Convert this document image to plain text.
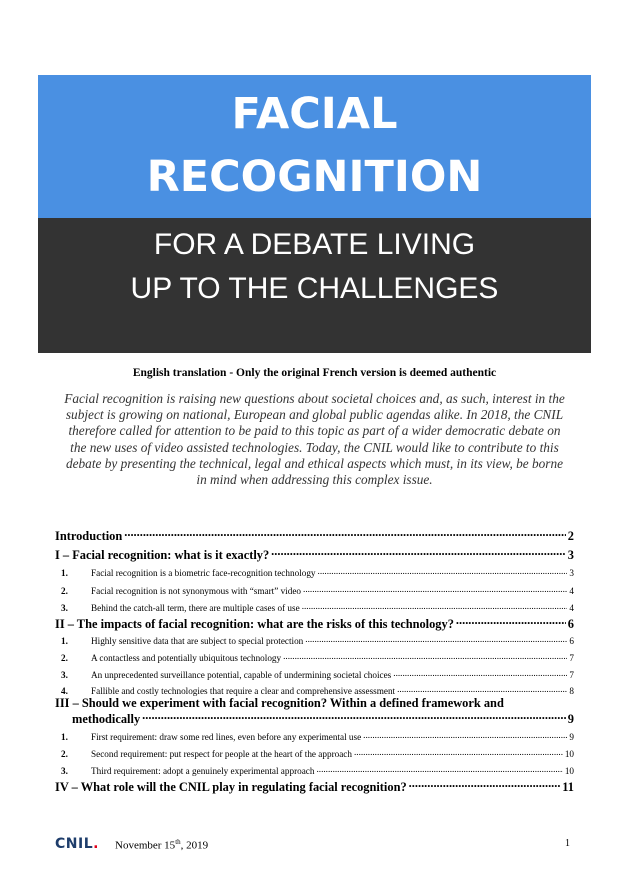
FACIAL
RECOGNITION
FOR A DEBATE LIVING
UP TO THE CHALLENGES
English translation - Only the original French version is deemed authentic
Facial recognition is raising new questions about societal choices and, as such, interest in the subject is growing on national, European and global public agendas alike. In 2018, the CNIL therefore called for attention to be paid to this topic as part of a wider democratic debate on the new uses of video assisted technologies. Today, the CNIL would like to contribute to this debate by presenting the technical, legal and ethical aspects which must, in its view, be borne in mind when addressing this complex issue.
Introduction .....	2
I – Facial recognition: what is it exactly? .....	3
1.	Facial recognition is a biometric face-recognition technology .....	3
2.	Facial recognition is not synonymous with “smart” video .....	4
3.	Behind the catch-all term, there are multiple cases of use .....	4
II – The impacts of facial recognition: what are the risks of this technology? .....	6
1.	Highly sensitive data that are subject to special protection .....	6
2.	A contactless and potentially ubiquitous technology .....	7
3.	An unprecedented surveillance potential, capable of undermining societal choices .....	7
4.	Fallible and costly technologies that require a clear and comprehensive assessment .....	8
III – Should we experiment with facial recognition? Within a defined framework and
methodically .....	9
1.	First requirement: draw some red lines, even before any experimental use .....	9
2.	Second requirement: put respect for people at the heart of the approach .....	10
3.	Third requirement: adopt a genuinely experimental approach .....	10
IV – What role will the CNIL play in regulating facial recognition? .....	11
CNIL. November 15th, 2019	1
